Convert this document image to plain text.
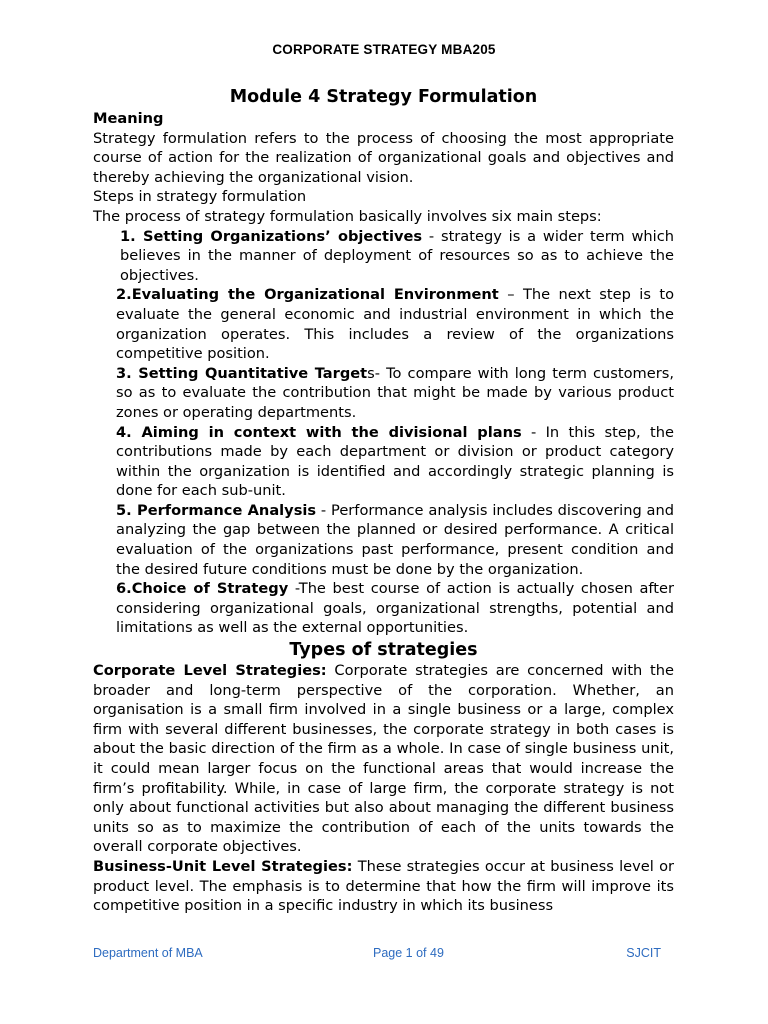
CORPORATE STRATEGY MBA205
Module 4 Strategy Formulation

Meaning

Strategy formulation refers to the process of choosing the most appropriate course of action for the realization of organizational goals and objectives and thereby achieving the organizational vision.

Steps in strategy formulation

The process of strategy formulation basically involves six main steps:

1. Setting Organizations’ objectives - strategy is a wider term which believes in the manner of deployment of resources so as to achieve the objectives.
2.Evaluating the Organizational Environment – The next step is to evaluate the general economic and industrial environment in which the organization operates. This includes a review of the organizations competitive position.
3. Setting Quantitative Targets- To compare with long term customers, so as to evaluate the contribution that might be made by various product zones or operating departments.
4. Aiming in context with the divisional plans - In this step, the contributions made by each department or division or product category within the organization is identified and accordingly strategic planning is done for each sub-unit.
5. Performance Analysis - Performance analysis includes discovering and analyzing the gap between the planned or desired performance. A critical evaluation of the organizations past performance, present condition and the desired future conditions must be done by the organization.
6.Choice of Strategy -The best course of action is actually chosen after considering organizational goals, organizational strengths, potential and limitations as well as the external opportunities.
Types of strategies

Corporate Level Strategies: Corporate strategies are concerned with the broader and long-term perspective of the corporation. Whether, an organisation is a small firm involved in a single business or a large, complex firm with several different businesses, the corporate strategy in both cases is about the basic direction of the firm as a whole. In case of single business unit, it could mean larger focus on the functional areas that would increase the firm’s profitability. While, in case of large firm, the corporate strategy is not only about functional activities but also about managing the different business units so as to maximize the contribution of each of the units towards the overall corporate objectives.

Business-Unit Level Strategies: These strategies occur at business level or product level. The emphasis is to determine that how the firm will improve its competitive position in a specific industry in which its business

Department of MBA	Page 1 of 49	SJCIT
